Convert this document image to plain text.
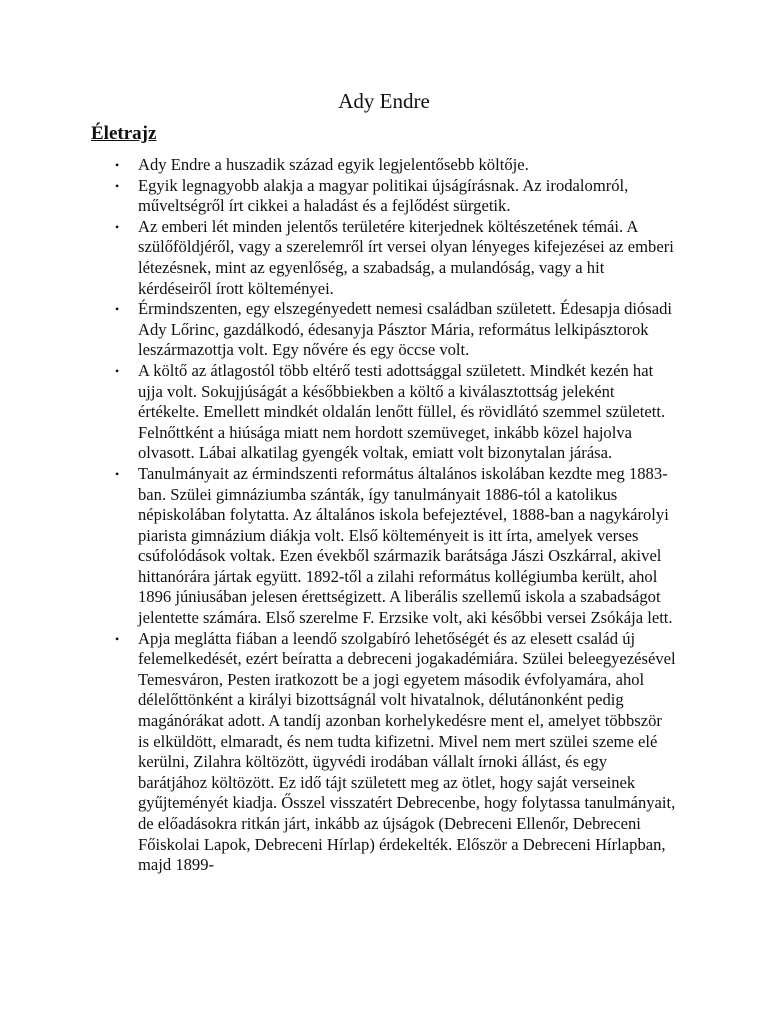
Ady Endre
Életrajz
• Ady Endre a huszadik század egyik legjelentősebb költője.
• Egyik legnagyobb alakja a magyar politikai újságírásnak. Az irodalomról, műveltségről írt cikkei a haladást és a fejlődést sürgetik.
• Az emberi lét minden jelentős területére kiterjednek költészetének témái. A szülőföldjéről, vagy a szerelemről írt versei olyan lényeges kifejezései az emberi létezésnek, mint az egyenlőség, a szabadság, a mulandóság, vagy a hit kérdéseiről írott költeményei.
• Érmindszenten, egy elszegényedett nemesi családban született. Édesapja diósadi Ady Lőrinc, gazdálkodó, édesanyja Pásztor Mária, református lelkipásztorok leszármazottja volt. Egy nővére és egy öccse volt.
• A költő az átlagostól több eltérő testi adottsággal született. Mindkét kezén hat ujja volt. Sokujjúságát a későbbiekben a költő a kiválasztottság jeleként értékelte. Emellett mindkét oldalán lenőtt füllel, és rövidlátó szemmel született. Felnőttként a hiúsága miatt nem hordott szemüveget, inkább közel hajolva olvasott. Lábai alkatilag gyengék voltak, emiatt volt bizonytalan járása.
• Tanulmányait az érmindszenti református általános iskolában kezdte meg 1883-ban. Szülei gimnáziumba szánták, így tanulmányait 1886-tól a katolikus népiskolában folytatta. Az általános iskola befejeztével, 1888-ban a nagykárolyi piarista gimnázium diákja volt. Első költeményeit is itt írta, amelyek verses csúfolódások voltak. Ezen évekből származik barátsága Jászi Oszkárral, akivel hittanórára jártak együtt. 1892-től a zilahi református kollégiumba került, ahol 1896 júniusában jelesen érettségizett. A liberális szellemű iskola a szabadságot jelentette számára. Első szerelme F. Erzsike volt, aki későbbi versei Zsókája lett.
• Apja meglátta fiában a leendő szolgabíró lehetőségét és az elesett család új felemelkedését, ezért beíratta a debreceni jogakadémiára. Szülei beleegyezésével Temesváron, Pesten iratkozott be a jogi egyetem második évfolyamára, ahol délelőttönként a királyi bizottságnál volt hivatalnok, délutánonként pedig magánórákat adott. A tandíj azonban korhelykedésre ment el, amelyet többször is elküldött, elmaradt, és nem tudta kifizetni. Mivel nem mert szülei szeme elé kerülni, Zilahra költözött, ügyvédi irodában vállalt írnoki állást, és egy barátjához költözött. Ez idő tájt született meg az ötlet, hogy saját verseinek gyűjteményét kiadja. Ősszel visszatért Debrecenbe, hogy folytassa tanulmányait, de előadásokra ritkán járt, inkább az újságok (Debreceni Ellenőr, Debreceni Főiskolai Lapok, Debreceni Hírlap) érdekelték. Először a Debreceni Hírlapban, majd 1899-
